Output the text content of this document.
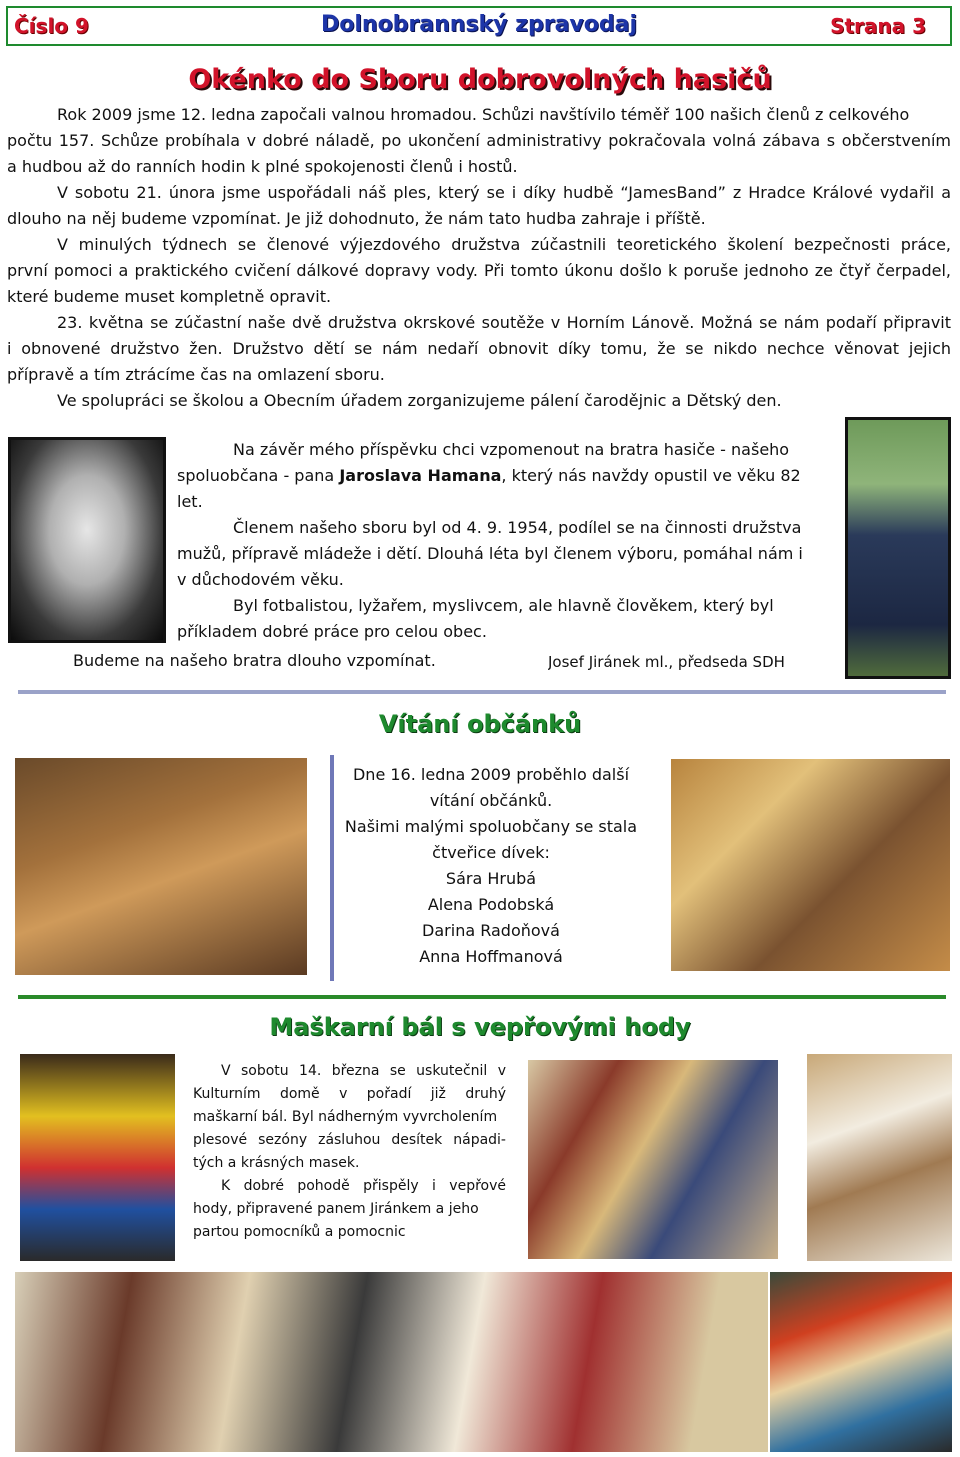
Číslo 9	Dolnobrannský zpravodaj	Strana 3
Okénko do Sboru dobrovolných hasičů
Rok 2009 jsme 12. ledna započali valnou hromadou. Schůzi navštívilo téměř 100 našich členů z celkového
počtu 157. Schůze probíhala v dobré náladě, po ukončení administrativy pokračovala volná zábava s občerstvením
a hudbou až do ranních hodin k plné spokojenosti členů i hostů.
V sobotu 21. února jsme uspořádali náš ples, který se i díky hudbě “JamesBand” z Hradce Králové vydařil a
dlouho na něj budeme vzpomínat. Je již dohodnuto, že nám tato hudba zahraje i příště.
V minulých týdnech se členové výjezdového družstva zúčastnili teoretického školení bezpečnosti práce,
první pomoci a praktického cvičení dálkové dopravy vody. Při tomto úkonu došlo k poruše jednoho ze čtyř čerpadel,
které budeme muset kompletně opravit.
23. května se zúčastní naše dvě družstva okrskové soutěže v Horním Lánově. Možná se nám podaří připravit
i obnovené družstvo žen. Družstvo dětí se nám nedaří obnovit díky tomu, že se nikdo nechce věnovat jejich
přípravě a tím ztrácíme čas na omlazení sboru.
Ve spolupráci se školou a Obecním úřadem zorganizujeme pálení čarodějnic a Dětský den.
Na závěr mého příspěvku chci vzpomenout na bratra hasiče - našeho
spoluobčana - pana Jaroslava Hamana, který nás navždy opustil ve věku 82
let.
Členem našeho sboru byl od 4. 9. 1954, podílel se na činnosti družstva
mužů, přípravě mládeže i dětí. Dlouhá léta byl členem výboru, pomáhal nám i
v důchodovém věku.
Byl fotbalistou, lyžařem, myslivcem, ale hlavně člověkem, který byl
příkladem dobré práce pro celou obec.
Budeme na našeho bratra dlouho vzpomínat.	Josef Jiránek ml., předseda SDH
Vítání občánků
Dne 16. ledna 2009 proběhlo další
vítání občánků.
Našimi malými spoluobčany se stala
čtveřice dívek:
Sára Hrubá
Alena Podobská
Darina Radoňová
Anna Hoffmanová
Maškarní bál s vepřovými hody
V sobotu 14. března se uskutečnil v
Kulturním domě v pořadí již druhý
maškarní bál. Byl nádherným vyvrcholením
plesové sezóny zásluhou desítek nápadi-
tých a krásných masek.
K dobré pohodě přispěly i vepřové
hody, připravené panem Jiránkem a jeho
partou pomocníků a pomocnic
